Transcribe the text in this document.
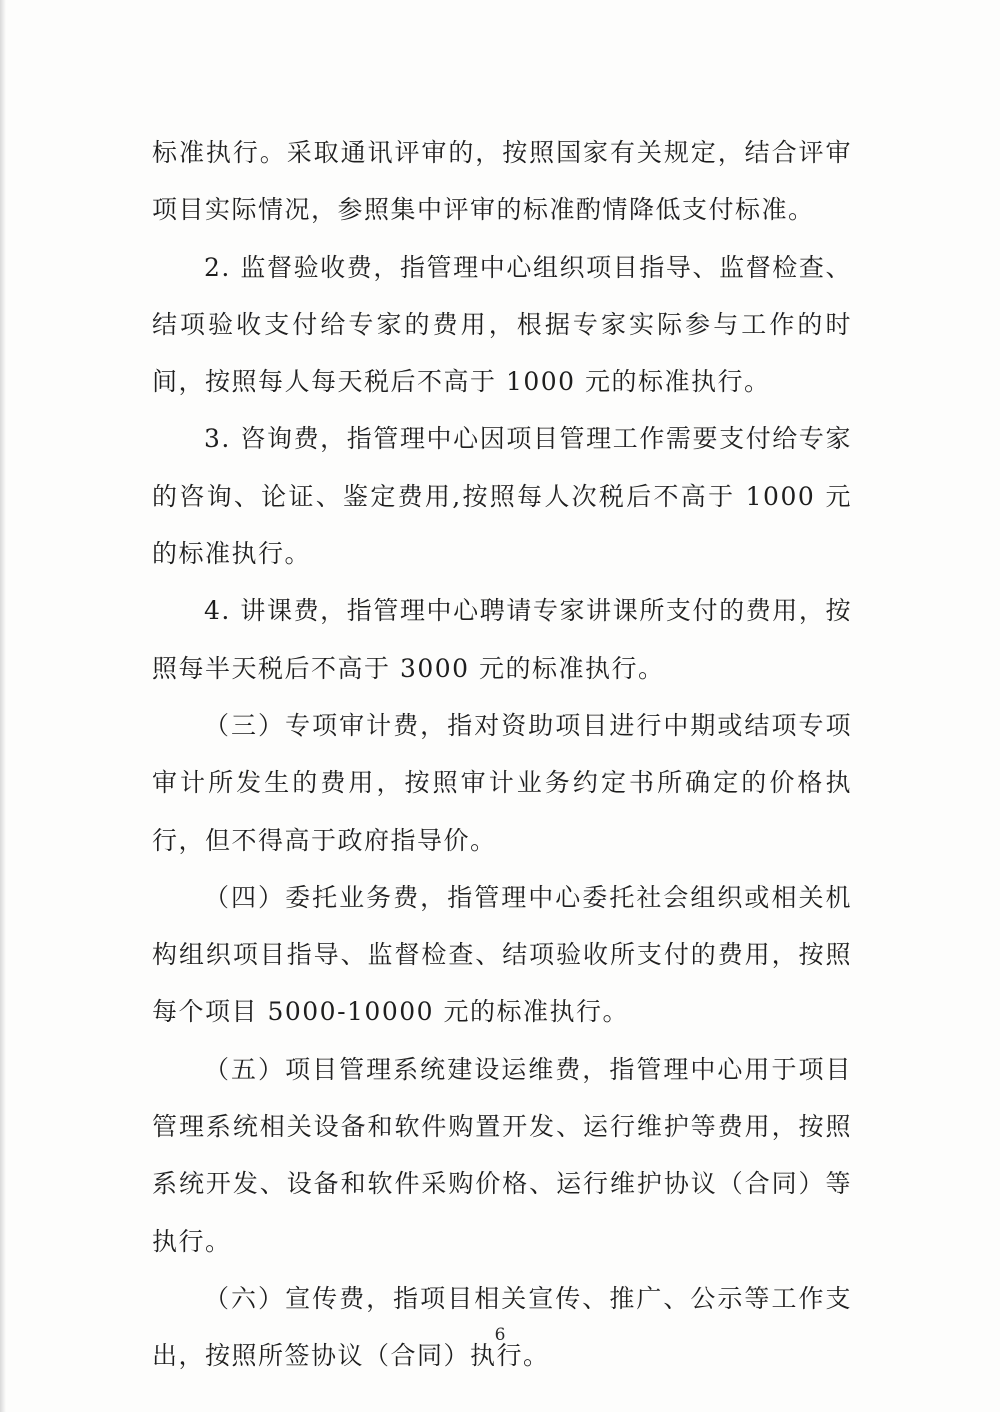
标准执行。采取通讯评审的，按照国家有关规定，结合评审项目实际情况，参照集中评审的标准酌情降低支付标准。

2. 监督验收费，指管理中心组织项目指导、监督检查、结项验收支付给专家的费用，根据专家实际参与工作的时间，按照每人每天税后不高于 1000 元的标准执行。

3. 咨询费，指管理中心因项目管理工作需要支付给专家的咨询、论证、鉴定费用,按照每人次税后不高于 1000 元的标准执行。

4. 讲课费，指管理中心聘请专家讲课所支付的费用，按照每半天税后不高于 3000 元的标准执行。

（三）专项审计费，指对资助项目进行中期或结项专项审计所发生的费用，按照审计业务约定书所确定的价格执行，但不得高于政府指导价。

（四）委托业务费，指管理中心委托社会组织或相关机构组织项目指导、监督检查、结项验收所支付的费用，按照每个项目 5000-10000 元的标准执行。

（五）项目管理系统建设运维费，指管理中心用于项目管理系统相关设备和软件购置开发、运行维护等费用，按照系统开发、设备和软件采购价格、运行维护协议（合同）等执行。

（六）宣传费，指项目相关宣传、推广、公示等工作支出，按照所签协议（合同）执行。

6
